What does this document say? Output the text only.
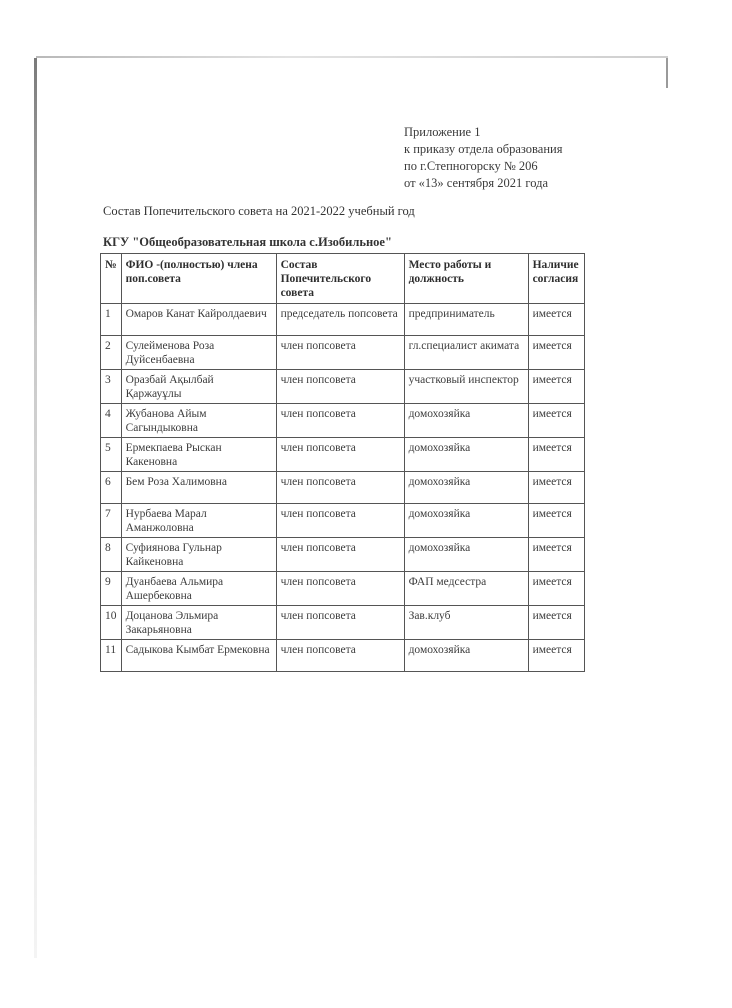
Приложение 1
к приказу отдела образования
по г.Степногорску № 206
от «13» сентября 2021 года
Состав Попечительского совета на 2021-2022 учебный год
КГУ "Общеобразовательная школа с.Изобильное"
№	ФИО -(полностью) члена поп.совета	Состав Попечительского совета	Место работы и должность	Наличие согласия
1	Омаров Канат Кайролдаевич	председатель попсовета	предприниматель	имеется
2	Сулейменова Роза Дуйсенбаевна	член попсовета	гл.специалист акимата	имеется
3	Оразбай Ақылбай Қаржауұлы	член попсовета	участковый инспектор	имеется
4	Жубанова Айым Сагындыковна	член попсовета	домохозяйка	имеется
5	Ермекпаева Рыскан Какеновна	член попсовета	домохозяйка	имеется
6	Бем Роза Халимовна	член попсовета	домохозяйка	имеется
7	Нурбаева Марал Аманжоловна	член попсовета	домохозяйка	имеется
8	Суфиянова Гульнар Кайкеновна	член попсовета	домохозяйка	имеется
9	Дуанбаева Альмира Ашербековна	член попсовета	ФАП медсестра	имеется
10	Доцанова Эльмира Закарьяновна	член попсовета	Зав.клуб	имеется
11	Садыкова Кымбат Ермековна	член попсовета	домохозяйка	имеется
